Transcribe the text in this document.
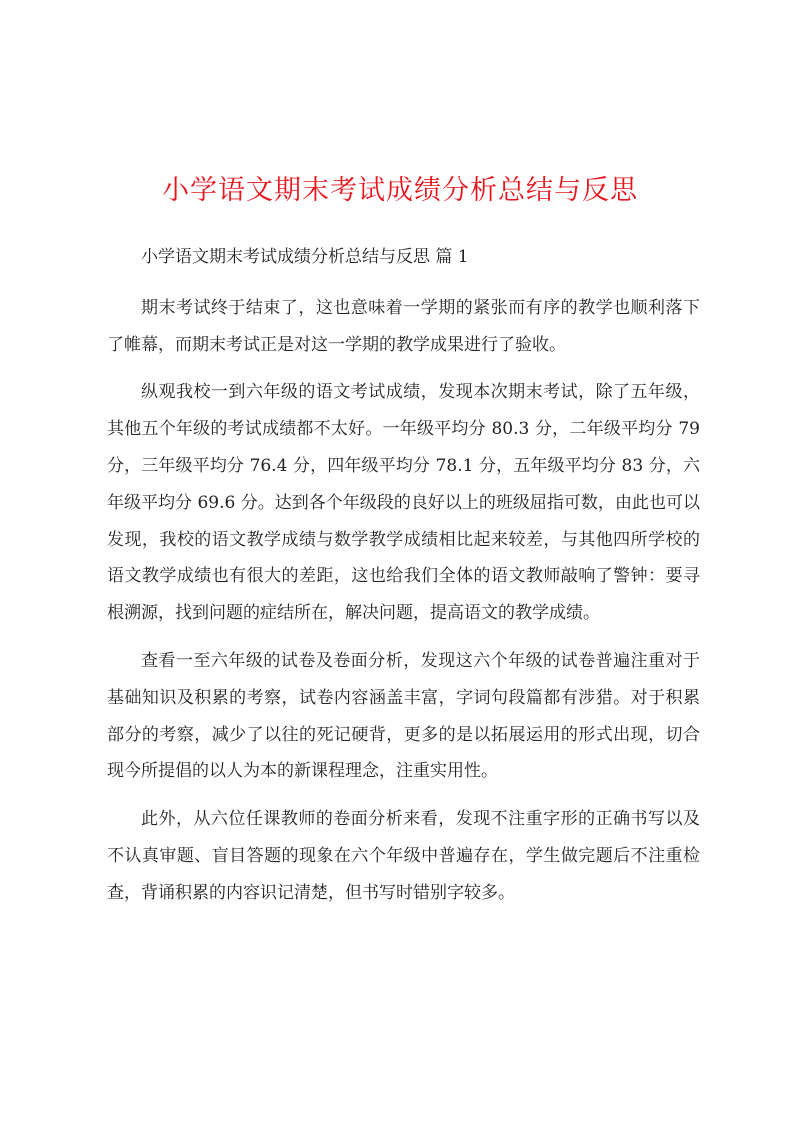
小学语文期末考试成绩分析总结与反思

小学语文期末考试成绩分析总结与反思 篇 1

期末考试终于结束了，这也意味着一学期的紧张而有序的教学也顺利落下了帷幕，而期末考试正是对这一学期的教学成果进行了验收。

纵观我校一到六年级的语文考试成绩，发现本次期末考试，除了五年级，其他五个年级的考试成绩都不太好。一年级平均分 80.3 分，二年级平均分 79 分，三年级平均分 76.4 分，四年级平均分 78.1 分，五年级平均分 83 分，六年级平均分 69.6 分。达到各个年级段的良好以上的班级屈指可数，由此也可以发现，我校的语文教学成绩与数学教学成绩相比起来较差，与其他四所学校的语文教学成绩也有很大的差距，这也给我们全体的语文教师敲响了警钟：要寻根溯源，找到问题的症结所在，解决问题，提高语文的教学成绩。

查看一至六年级的试卷及卷面分析，发现这六个年级的试卷普遍注重对于基础知识及积累的考察，试卷内容涵盖丰富，字词句段篇都有涉猎。对于积累部分的考察，减少了以往的死记硬背，更多的是以拓展运用的形式出现，切合现今所提倡的以人为本的新课程理念，注重实用性。

此外，从六位任课教师的卷面分析来看，发现不注重字形的正确书写以及不认真审题、盲目答题的现象在六个年级中普遍存在，学生做完题后不注重检查，背诵积累的内容识记清楚，但书写时错别字较多。
